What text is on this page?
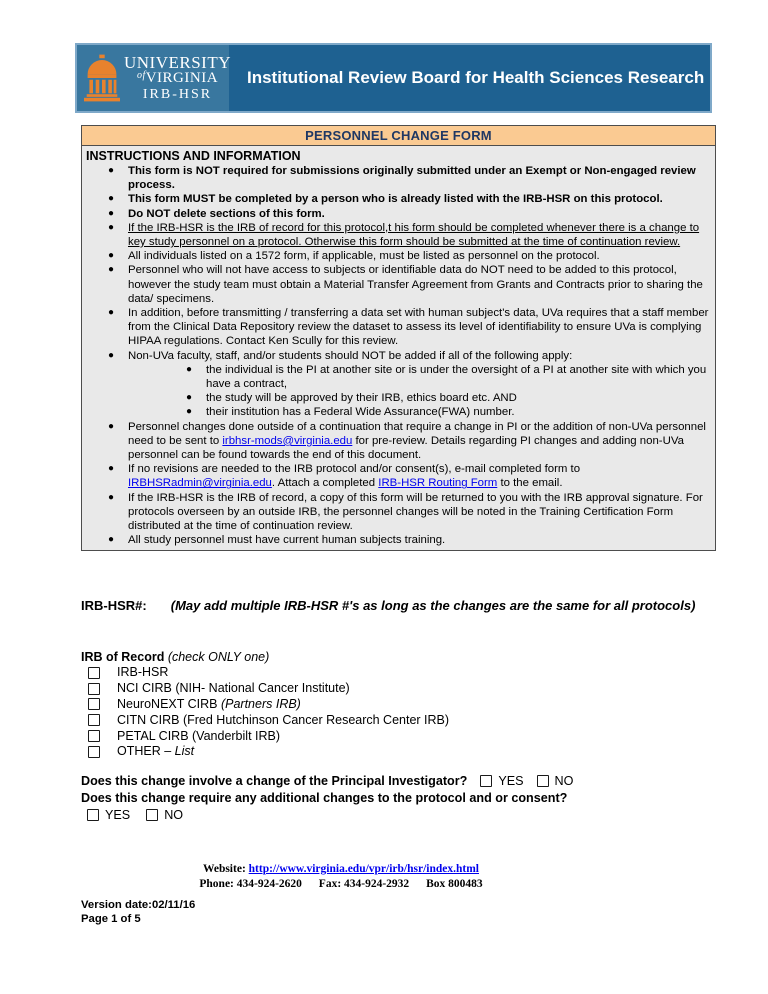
UNIVERSITY
$^{of}$VIRGINIA
IRB-HSR
Institutional Review Board for Health Sciences Research
PERSONNEL CHANGE FORM
INSTRUCTIONS AND INFORMATION
●	This form is NOT required for submissions originally submitted under an Exempt or Non-engaged review process.
●	This form MUST be completed by a person who is already listed with the IRB-HSR on this protocol.
●	Do NOT delete sections of this form.
●	If the IRB-HSR is the IRB of record for this protocol,t his form should be completed whenever there is a change to key study personnel on a protocol. Otherwise this form should be submitted at the time of continuation review.
●	All individuals listed on a 1572 form, if applicable, must be listed as personnel on the protocol.
●	Personnel who will not have access to subjects or identifiable data do NOT need to be added to this protocol, however the study team must obtain a Material Transfer Agreement from Grants and Contracts prior to sharing the data/ specimens.
●	In addition, before transmitting / transferring a data set with human subject's data, UVa requires that a staff member from the Clinical Data Repository review the dataset to assess its level of identifiability to ensure UVa is complying HIPAA regulations. Contact Ken Scully for this review.
●	Non-UVa faculty, staff, and/or students should NOT be added if all of the following apply:
●	the individual is the PI at another site or is under the oversight of a PI at another site with which you have a contract,
●	the study will be approved by their IRB, ethics board etc. AND
●	their institution has a Federal Wide Assurance(FWA) number.
●	Personnel changes done outside of a continuation that require a change in PI or the addition of non-UVa personnel need to be sent to irbhsr-mods@virginia.edu for pre-review. Details regarding PI changes and adding non-UVa personnel can be found towards the end of this document.
●	If no revisions are needed to the IRB protocol and/or consent(s), e-mail completed form to IRBHSRadmin@virginia.edu. Attach a completed IRB-HSR Routing Form to the email.
●	If the IRB-HSR is the IRB of record, a copy of this form will be returned to you with the IRB approval signature. For protocols overseen by an outside IRB, the personnel changes will be noted in the Training Certification Form distributed at the time of continuation review.
●	All study personnel must have current human subjects training.
IRB-HSR#: (May add multiple IRB-HSR #'s as long as the changes are the same for all protocols)
IRB of Record (check ONLY one)
IRB-HSR
NCI CIRB (NIH- National Cancer Institute)
NeuroNEXT CIRB (Partners IRB)
CITN CIRB (Fred Hutchinson Cancer Research Center IRB)
PETAL CIRB (Vanderbilt IRB)
OTHER – List
Does this change involve a change of the Principal Investigator? YES NO
Does this change require any additional changes to the protocol and or consent?
YES	NO
Website: http://www.virginia.edu/vpr/irb/hsr/index.html
Phone: 434-924-2620 Fax: 434-924-2932 Box 800483
Version date:02/11/16
Page 1 of 5
